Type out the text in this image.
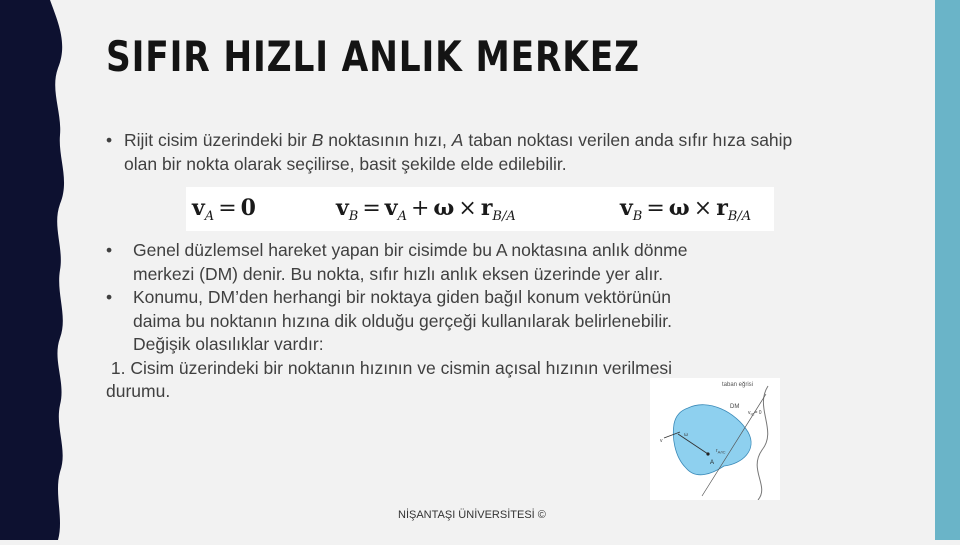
SIFIR HIZLI ANLIK MERKEZ
• Rijit cisim üzerindeki bir B noktasının hızı, A taban noktası verilen anda sıfır hıza sahip
olan bir nokta olarak seçilirse, basit şekilde elde edilebilir.
$v_A = 0$	$v_B = v_A + \omega \times r_{B/A}$	$v_B = \omega \times r_{B/A}$
•	Genel düzlemsel hareket yapan bir cisimde bu A noktasına anlık dönme
merkezi (DM) denir. Bu nokta, sıfır hızlı anlık eksen üzerinde yer alır.
•	Konumu, DM’den herhangi bir noktaya giden bağıl konum vektörünün
daima bu noktanın hızına dik olduğu gerçeği kullanılarak belirlenebilir.
Değişik olasılıklar vardır:
1. Cisim üzerindeki bir noktanın hızının ve cismin açısal hızının verilmesi
durumu.	taban eğrisi
DM
$v_{IC}= 0$
v
A
$r_{A/IC}$
ω
NİŞANTAŞI ÜNİVERSİTESİ ©
